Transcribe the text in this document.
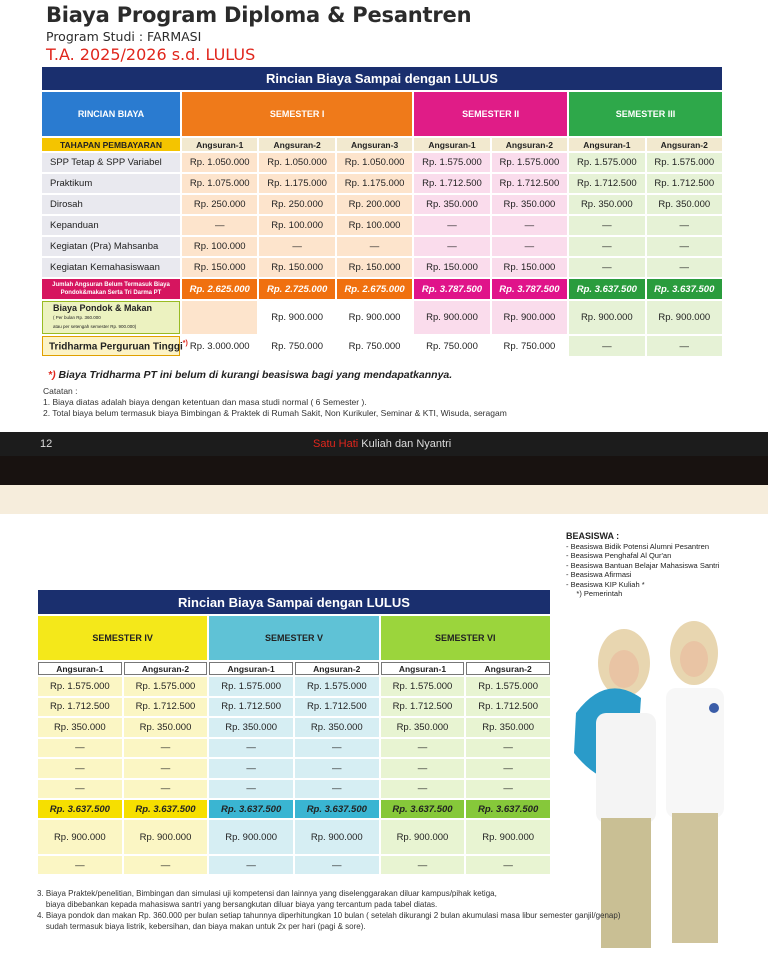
Biaya Program Diploma & Pesantren
Program Studi : FARMASI
T.A. 2025/2026 s.d. LULUS
Rincian Biaya Sampai dengan LULUS							
RINCIAN BIAYA	SEMESTER I			SEMESTER II		SEMESTER III	
TAHAPAN PEMBAYARAN	Angsuran-1	Angsuran-2	Angsuran-3	Angsuran-1	Angsuran-2	Angsuran-1	Angsuran-2
SPP Tetap & SPP Variabel	Rp. 1.050.000	Rp. 1.050.000	Rp. 1.050.000	Rp. 1.575.000	Rp. 1.575.000	Rp. 1.575.000	Rp. 1.575.000
Praktikum	Rp. 1.075.000	Rp. 1.175.000	Rp. 1.175.000	Rp. 1.712.500	Rp. 1.712.500	Rp. 1.712.500	Rp. 1.712.500
Dirosah	Rp. 250.000	Rp. 250.000	Rp. 200.000	Rp. 350.000	Rp. 350.000	Rp. 350.000	Rp. 350.000
Kepanduan	—	Rp. 100.000	Rp. 100.000	—	—	—	—
Kegiatan (Pra) Mahsanba	Rp. 100.000	—	—	—	—	—	—
Kegiatan Kemahasiswaan	Rp. 150.000	Rp. 150.000	Rp. 150.000	Rp. 150.000	Rp. 150.000	—	—
Jumlah Angsuran Belum Termasuk Biaya Pondok&makan Serta Tri Darma PT	Rp. 2.625.000	Rp. 2.725.000	Rp. 2.675.000	Rp. 3.787.500	Rp. 3.787.500	Rp. 3.637.500	Rp. 3.637.500
Biaya Pondok & Makan
( Per bulan Rp. 360.000
atau per setengah semester Rp. 900.000)		Rp. 900.000	Rp. 900.000	Rp. 900.000	Rp. 900.000	Rp. 900.000	Rp. 900.000
Tridharma Perguruan Tinggi*)	Rp. 3.000.000	Rp. 750.000	Rp. 750.000	Rp. 750.000	Rp. 750.000	—	—
*) Biaya Tridharma PT ini belum di kurangi beasiswa bagi yang mendapatkannya.
Catatan :
1. Biaya diatas adalah biaya dengan ketentuan dan masa studi normal ( 6 Semester ).
2. Total biaya belum termasuk biaya Bimbingan & Praktek di Rumah Sakit, Non Kurikuler, Seminar & KTI, Wisuda, seragam
12	Satu Hati Kuliah dan Nyantri
Rincian Biaya Sampai dengan LULUS					
SEMESTER IV		SEMESTER V		SEMESTER VI	
Angsuran-1	Angsuran-2	Angsuran-1	Angsuran-2	Angsuran-1	Angsuran-2
Rp. 1.575.000	Rp. 1.575.000	Rp. 1.575.000	Rp. 1.575.000	Rp. 1.575.000	Rp. 1.575.000
Rp. 1.712.500	Rp. 1.712.500	Rp. 1.712.500	Rp. 1.712.500	Rp. 1.712.500	Rp. 1.712.500
Rp. 350.000	Rp. 350.000	Rp. 350.000	Rp. 350.000	Rp. 350.000	Rp. 350.000
—	—	—	—	—	—
—	—	—	—	—	—
—	—	—	—	—	—
Rp. 3.637.500	Rp. 3.637.500	Rp. 3.637.500	Rp. 3.637.500	Rp. 3.637.500	Rp. 3.637.500
Rp. 900.000	Rp. 900.000	Rp. 900.000	Rp. 900.000	Rp. 900.000	Rp. 900.000
—	—	—	—	—	—
BEASISWA :
- Beasiswa Bidik Potensi Alumni Pesantren
- Beasiswa Penghafal Al Qur'an
- Beasiswa Bantuan Belajar Mahasiswa Santri
- Beasiswa Afirmasi
- Beasiswa KIP Kuliah *
*) Pemerintah
3. Biaya Praktek/penelitian, Bimbingan dan simulasi uji kompetensi dan lainnya yang diselenggarakan diluar kampus/pihak ketiga,
biaya dibebankan kepada mahasiswa santri yang bersangkutan diluar biaya yang tercantum pada tabel diatas.
4. Biaya pondok dan makan Rp. 360.000 per bulan setiap tahunnya diperhitungkan 10 bulan ( setelah dikurangi 2 bulan akumulasi masa libur semester ganjil/genap)
sudah termasuk biaya listrik, kebersihan, dan biaya makan untuk 2x per hari (pagi & sore).
